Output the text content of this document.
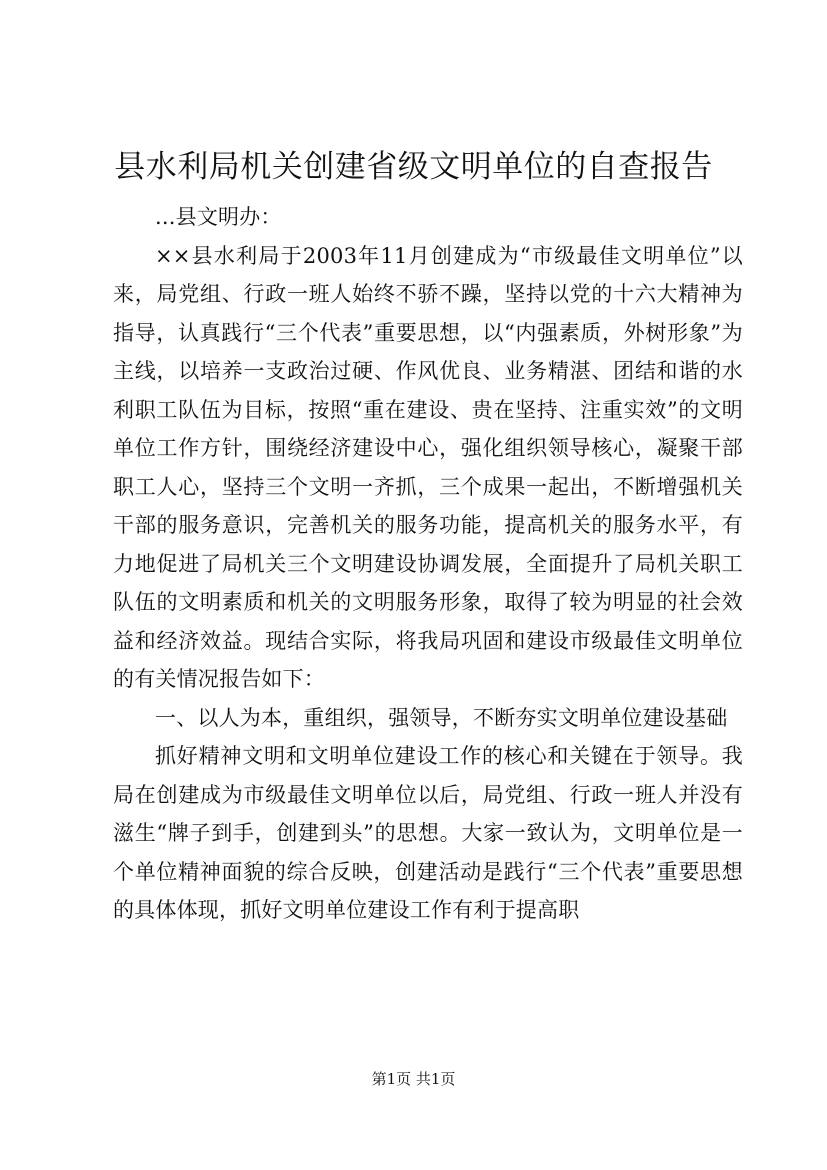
县水利局机关创建省级文明单位的自查报告

...县文明办：

××县水利局于2003年11月创建成为“市级最佳文明单位”以来，局党组、行政一班人始终不骄不躁，坚持以党的十六大精神为指导，认真践行“三个代表”重要思想，以“内强素质，外树形象”为主线，以培养一支政治过硬、作风优良、业务精湛、团结和谐的水利职工队伍为目标，按照“重在建设、贵在坚持、注重实效”的文明单位工作方针，围绕经济建设中心，强化组织领导核心，凝聚干部职工人心，坚持三个文明一齐抓，三个成果一起出，不断增强机关干部的服务意识，完善机关的服务功能，提高机关的服务水平，有力地促进了局机关三个文明建设协调发展，全面提升了局机关职工队伍的文明素质和机关的文明服务形象，取得了较为明显的社会效益和经济效益。现结合实际，将我局巩固和建设市级最佳文明单位的有关情况报告如下：

一、以人为本，重组织，强领导，不断夯实文明单位建设基础

抓好精神文明和文明单位建设工作的核心和关键在于领导。我局在创建成为市级最佳文明单位以后，局党组、行政一班人并没有滋生“牌子到手，创建到头”的思想。大家一致认为，文明单位是一个单位精神面貌的综合反映，创建活动是践行“三个代表”重要思想的具体体现，抓好文明单位建设工作有利于提高职

第1页 共1页
